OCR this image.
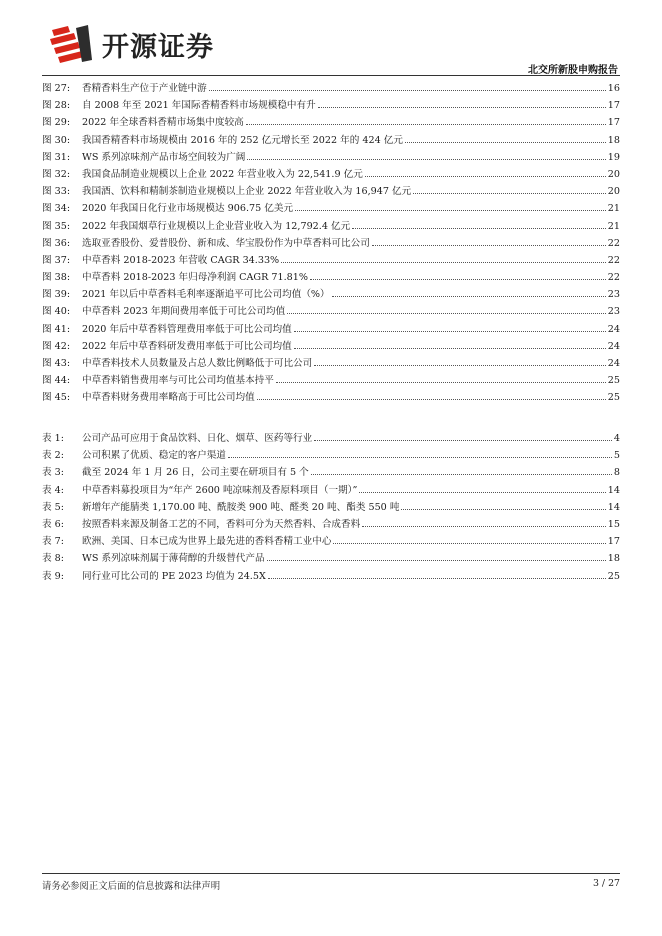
开源证券
北交所新股申购报告
图 27:	香精香料生产位于产业链中游	16
图 28:	自 2008 年至 2021 年国际香精香料市场规模稳中有升	17
图 29:	2022 年全球香料香精市场集中度较高	17
图 30:	我国香精香料市场规模由 2016 年的 252 亿元增长至 2022 年的 424 亿元	18
图 31:	WS 系列凉味剂产品市场空间较为广阔	19
图 32:	我国食品制造业规模以上企业 2022 年营业收入为 22,541.9 亿元	20
图 33:	我国酒、饮料和精制茶制造业规模以上企业 2022 年营业收入为 16,947 亿元	20
图 34:	2020 年我国日化行业市场规模达 906.75 亿美元	21
图 35:	2022 年我国烟草行业规模以上企业营业收入为 12,792.4 亿元	21
图 36:	选取亚香股份、爱普股份、新和成、华宝股份作为中草香料可比公司	22
图 37:	中草香料 2018-2023 年营收 CAGR 34.33%	22
图 38:	中草香料 2018-2023 年归母净利润 CAGR 71.81%	22
图 39:	2021 年以后中草香料毛利率逐渐追平可比公司均值（%）	23
图 40:	中草香料 2023 年期间费用率低于可比公司均值	23
图 41:	2020 年后中草香料管理费用率低于可比公司均值	24
图 42:	2022 年后中草香料研发费用率低于可比公司均值	24
图 43:	中草香料技术人员数量及占总人数比例略低于可比公司	24
图 44:	中草香料销售费用率与可比公司均值基本持平	25
图 45:	中草香料财务费用率略高于可比公司均值	25
表 1:	公司产品可应用于食品饮料、日化、烟草、医药等行业	4
表 2:	公司积累了优质、稳定的客户渠道	5
表 3:	截至 2024 年 1 月 26 日，公司主要在研项目有 5 个	8
表 4:	中草香料募投项目为“年产 2600 吨凉味剂及香原料项目（一期）”	14
表 5:	新增年产能腈类 1,170.00 吨、酰胺类 900 吨、醛类 20 吨、酯类 550 吨	14
表 6:	按照香料来源及制备工艺的不同，香料可分为天然香料、合成香料	15
表 7:	欧洲、美国、日本已成为世界上最先进的香料香精工业中心	17
表 8:	WS 系列凉味剂属于薄荷醇的升级替代产品	18
表 9:	同行业可比公司的 PE 2023 均值为 24.5X	25
请务必参阅正文后面的信息披露和法律声明	3 / 27
